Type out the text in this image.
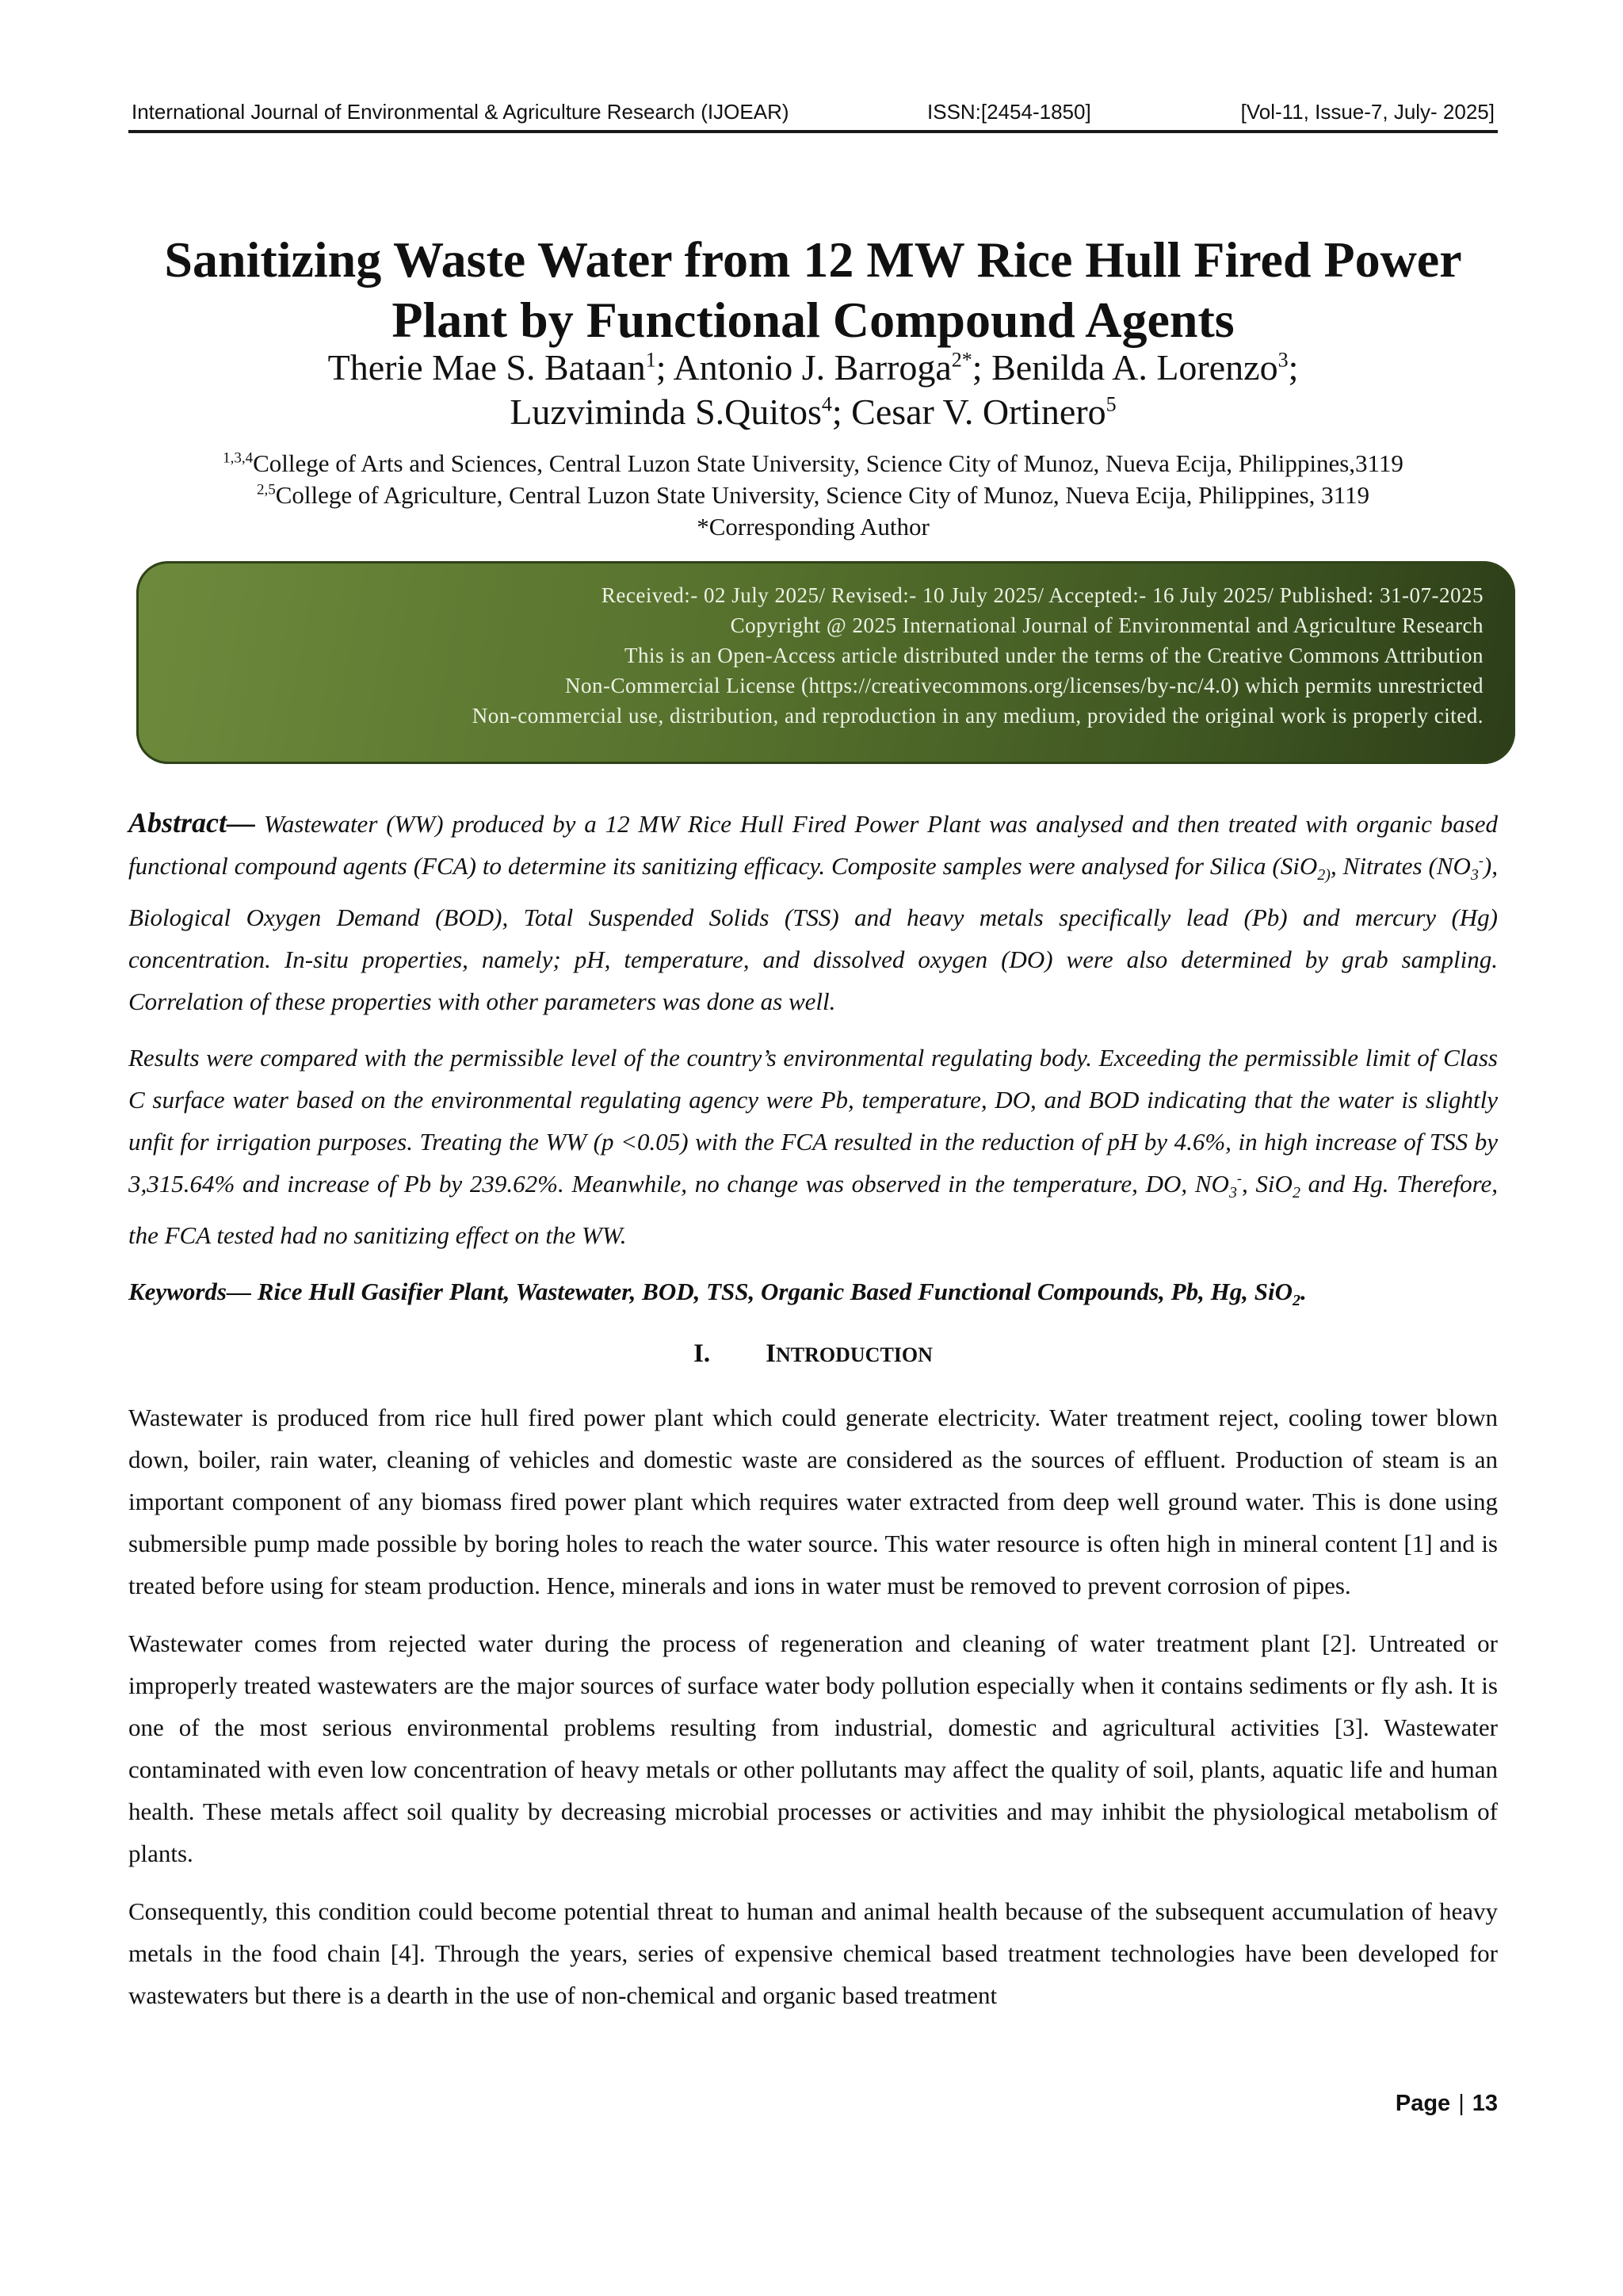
International Journal of Environmental & Agriculture Research (IJOEAR)	ISSN:[2454-1850]	[Vol-11, Issue-7, July- 2025]
Sanitizing Waste Water from 12 MW Rice Hull Fired Power Plant by Functional Compound Agents
Therie Mae S. Bataan$^1$; Antonio J. Barroga$^{2*}$; Benilda A. Lorenzo$^3$;
Luzviminda S.Quitos$^4$; Cesar V. Ortinero$^5$
$^{1,3,4}$College of Arts and Sciences, Central Luzon State University, Science City of Munoz, Nueva Ecija, Philippines,3119
$^{2,5}$College of Agriculture, Central Luzon State University, Science City of Munoz, Nueva Ecija, Philippines, 3119
*Corresponding Author
Received:- 02 July 2025/ Revised:- 10 July 2025/ Accepted:- 16 July 2025/ Published: 31-07-2025
Copyright @ 2025 International Journal of Environmental and Agriculture Research
This is an Open-Access article distributed under the terms of the Creative Commons Attribution
Non-Commercial License (https://creativecommons.org/licenses/by-nc/4.0) which permits unrestricted
Non-commercial use, distribution, and reproduction in any medium, provided the original work is properly cited.

Abstract— Wastewater (WW) produced by a 12 MW Rice Hull Fired Power Plant was analysed and then treated with organic based functional compound agents (FCA) to determine its sanitizing efficacy. Composite samples were analysed for Silica (SiO$_{2)}$, Nitrates $(NO_3^-)$, Biological Oxygen Demand (BOD), Total Suspended Solids (TSS) and heavy metals specifically lead (Pb) and mercury (Hg) concentration. In-situ properties, namely; pH, temperature, and dissolved oxygen (DO) were also determined by grab sampling. Correlation of these properties with other parameters was done as well.

Results were compared with the permissible level of the country’s environmental regulating body. Exceeding the permissible limit of Class C surface water based on the environmental regulating agency were Pb, temperature, DO, and BOD indicating that the water is slightly unfit for irrigation purposes. Treating the WW (p <0.05) with the FCA resulted in the reduction of pH by 4.6%, in high increase of TSS by 3,315.64% and increase of Pb by 239.62%. Meanwhile, no change was observed in the temperature, DO, $NO_3^-$, SiO$_2$ and Hg. Therefore, the FCA tested had no sanitizing effect on the WW.

Keywords— Rice Hull Gasifier Plant, Wastewater, BOD, TSS, Organic Based Functional Compounds, Pb, Hg, SiO$_2$.

I. INTRODUCTION

Wastewater is produced from rice hull fired power plant which could generate electricity. Water treatment reject, cooling tower blown down, boiler, rain water, cleaning of vehicles and domestic waste are considered as the sources of effluent. Production of steam is an important component of any biomass fired power plant which requires water extracted from deep well ground water. This is done using submersible pump made possible by boring holes to reach the water source. This water resource is often high in mineral content [1] and is treated before using for steam production. Hence, minerals and ions in water must be removed to prevent corrosion of pipes.

Wastewater comes from rejected water during the process of regeneration and cleaning of water treatment plant [2]. Untreated or improperly treated wastewaters are the major sources of surface water body pollution especially when it contains sediments or fly ash. It is one of the most serious environmental problems resulting from industrial, domestic and agricultural activities [3]. Wastewater contaminated with even low concentration of heavy metals or other pollutants may affect the quality of soil, plants, aquatic life and human health. These metals affect soil quality by decreasing microbial processes or activities and may inhibit the physiological metabolism of plants.

Consequently, this condition could become potential threat to human and animal health because of the subsequent accumulation of heavy metals in the food chain [4]. Through the years, series of expensive chemical based treatment technologies have been developed for wastewaters but there is a dearth in the use of non-chemical and organic based treatment

Page | 13
